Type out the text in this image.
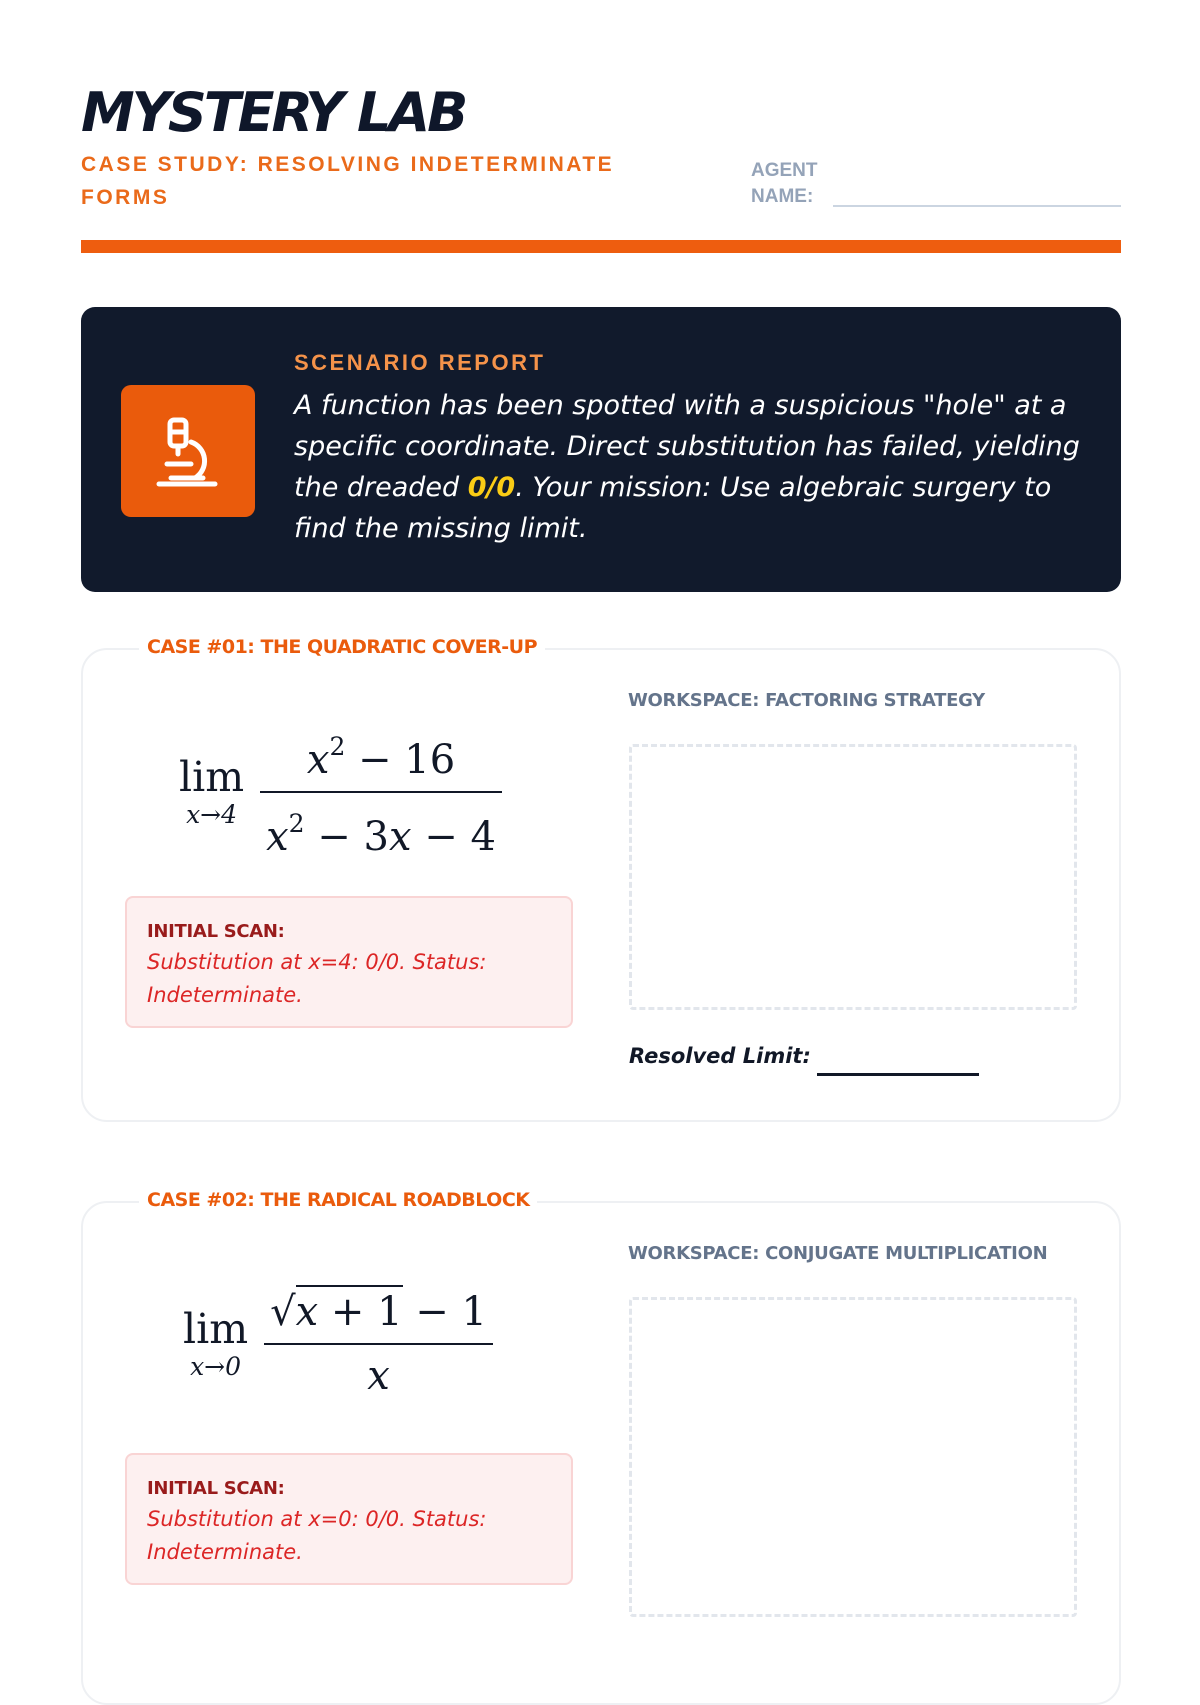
MYSTERY LAB
CASE STUDY: RESOLVING INDETERMINATE FORMS
AGENT NAME:
SCENARIO REPORT
A function has been spotted with a suspicious "hole" at a specific coordinate. Direct substitution has failed, yielding the dreaded 0/0. Your mission: Use algebraic surgery to find the missing limit.
CASE #01: THE QUADRATIC COVER-UP
lim
$x\to 4 \frac{x^2 - 16}{x^2 - 3x - 4}$
INITIAL SCAN:
Substitution at x=4: 0/0. Status: Indeterminate.
WORKSPACE: FACTORING STRATEGY
Resolved Limit:
CASE #02: THE RADICAL ROADBLOCK
lim
$x\to 0 \frac{√x + 1 - 1}{x}$
INITIAL SCAN:
Substitution at x=0: 0/0. Status: Indeterminate.
WORKSPACE: CONJUGATE MULTIPLICATION
